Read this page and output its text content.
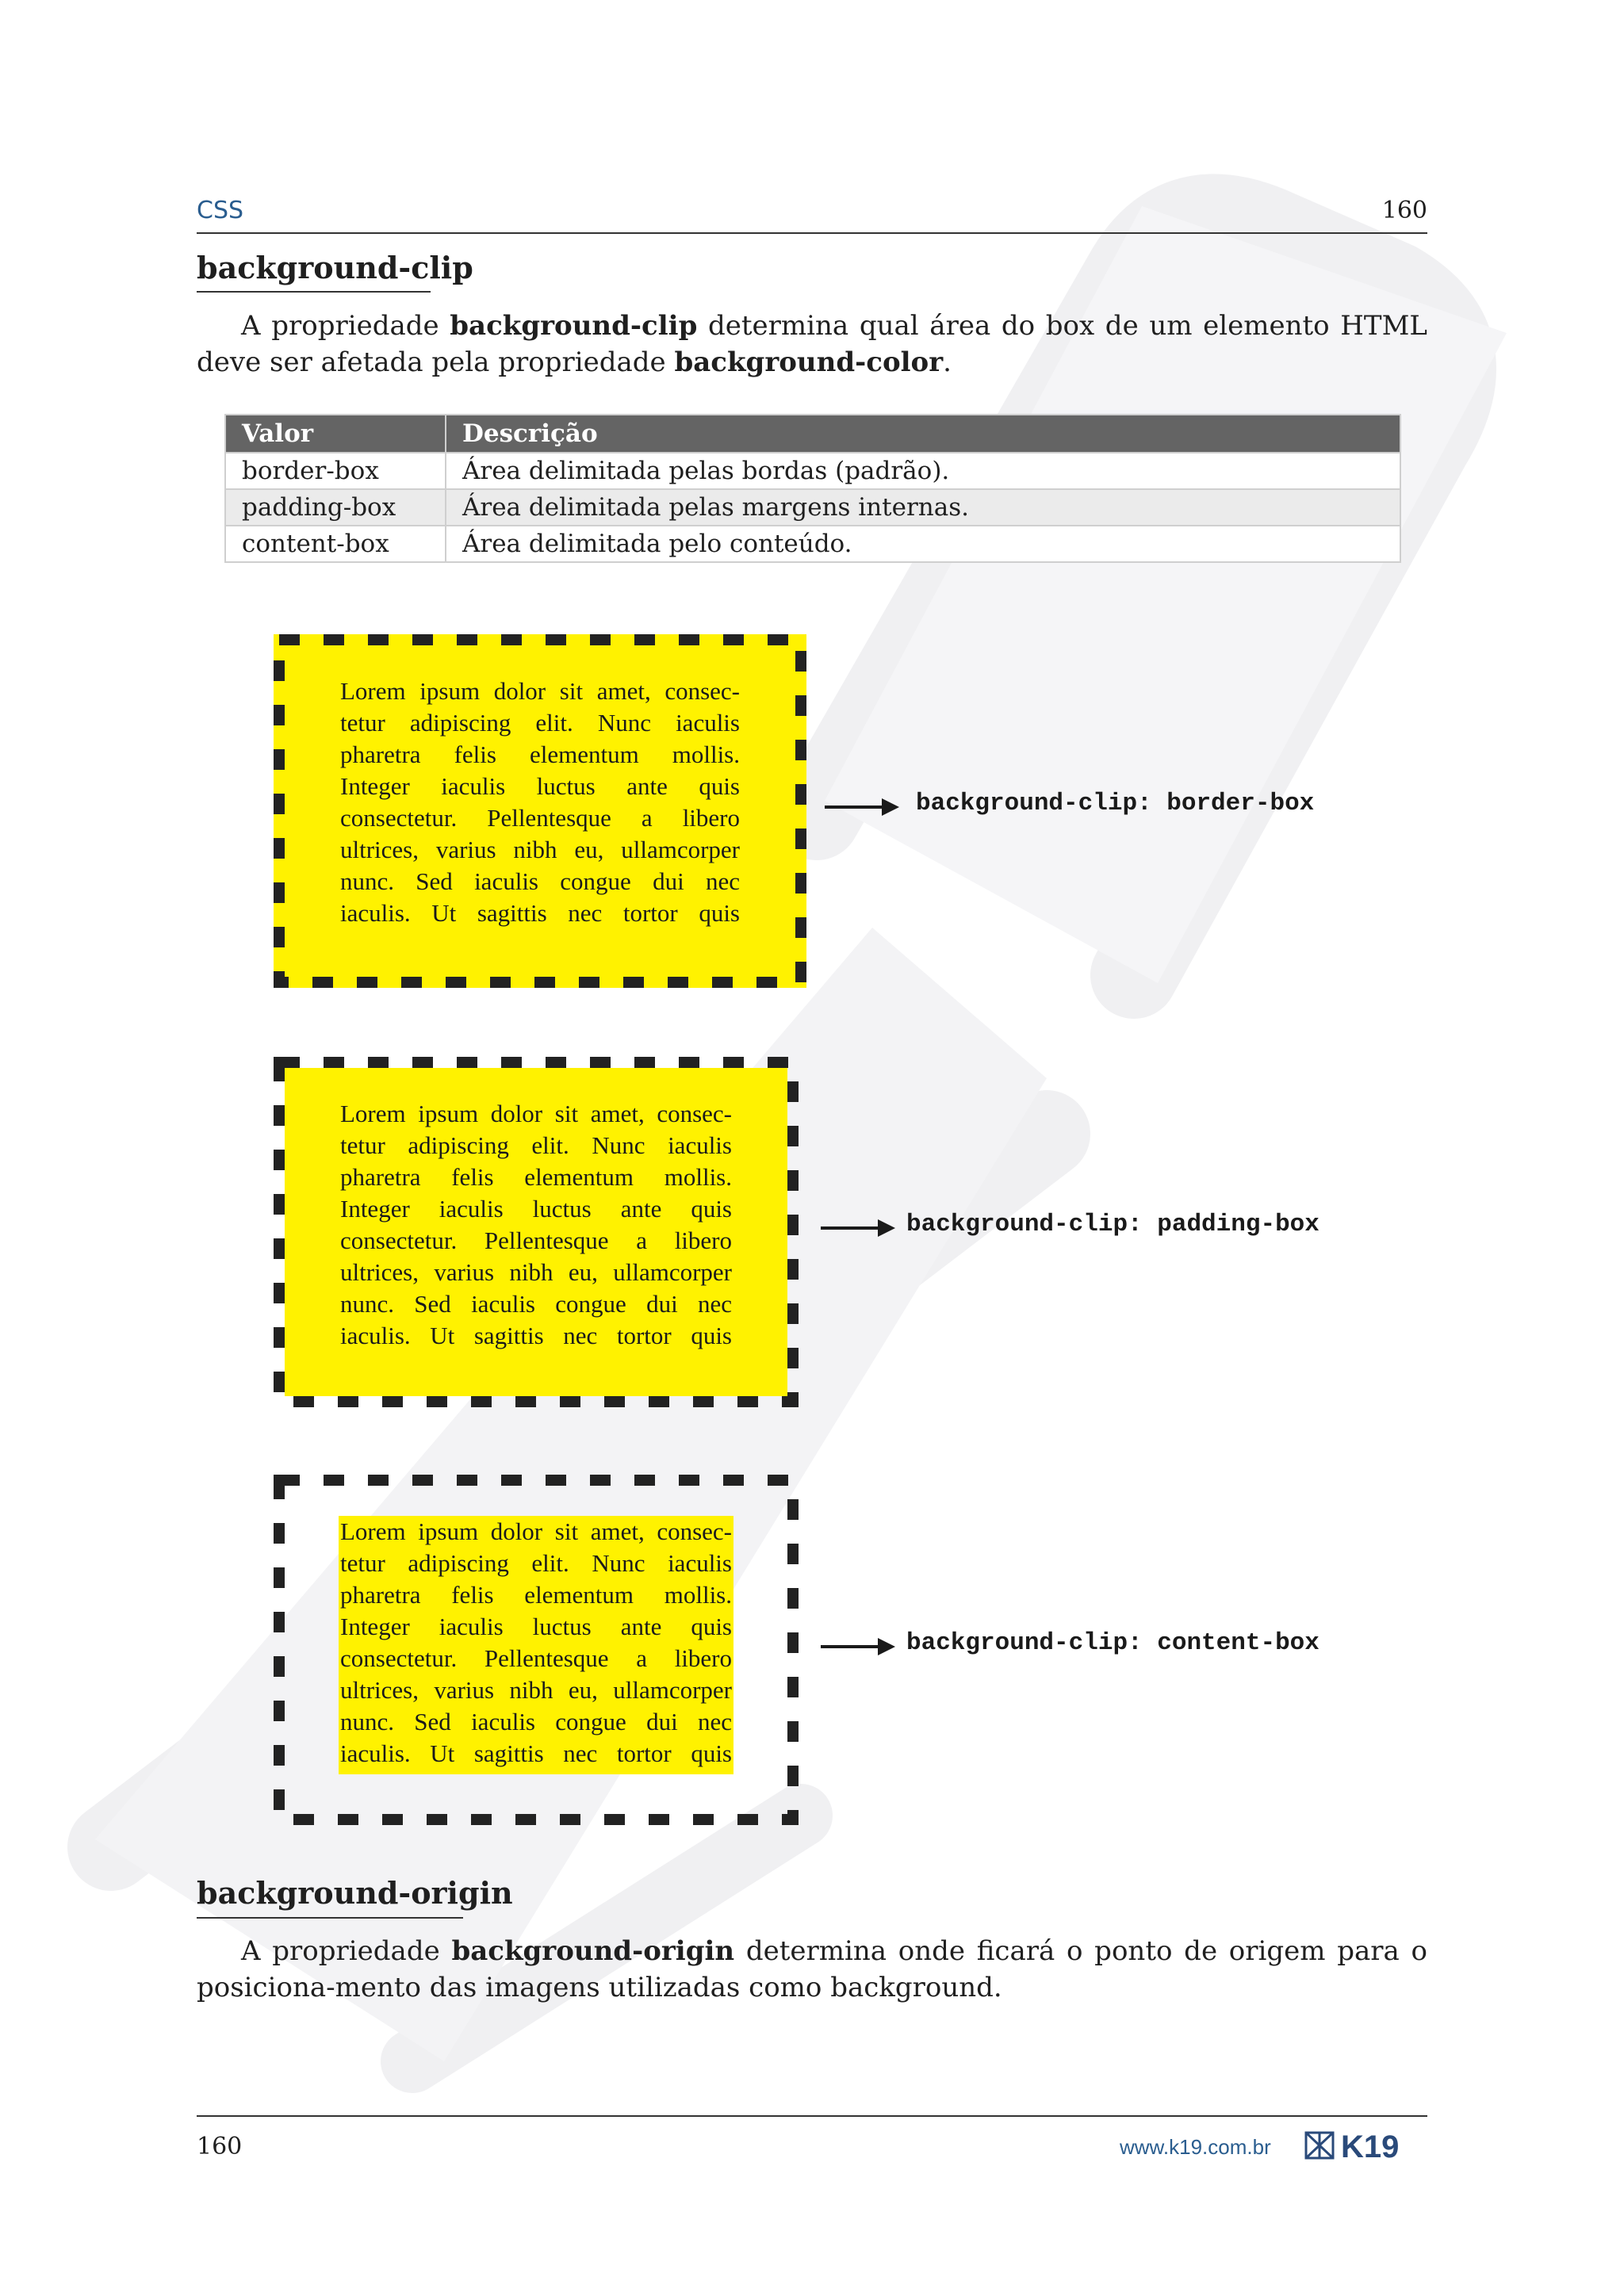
CSS	160
background-clip
A propriedade background-clip determina qual área do box de um elemento HTML deve ser afetada pela propriedade background-color.
Valor	Descrição
border-box	Área delimitada pelas bordas (padrão).
padding-box	Área delimitada pelas margens internas.
content-box	Área delimitada pelo conteúdo.
Lorem ipsum dolor sit amet, consec-
tetur adipiscing elit. Nunc iaculis
pharetra felis elementum mollis.
Integer iaculis luctus ante quis
consectetur. Pellentesque a libero
ultrices, varius nibh eu, ullamcorper
nunc. Sed iaculis congue dui nec
iaculis. Ut sagittis nec tortor quis
background-clip: border-box
Lorem ipsum dolor sit amet, consec-
tetur adipiscing elit. Nunc iaculis
pharetra felis elementum mollis.
Integer iaculis luctus ante quis
consectetur. Pellentesque a libero
ultrices, varius nibh eu, ullamcorper
nunc. Sed iaculis congue dui nec
iaculis. Ut sagittis nec tortor quis
background-clip: padding-box
Lorem ipsum dolor sit amet, consec-
tetur adipiscing elit. Nunc iaculis
pharetra felis elementum mollis.
Integer iaculis luctus ante quis
consectetur. Pellentesque a libero
ultrices, varius nibh eu, ullamcorper
nunc. Sed iaculis congue dui nec
iaculis. Ut sagittis nec tortor quis
background-clip: content-box
background-origin
A propriedade background-origin determina onde ficará o ponto de origem para o posiciona-mento das imagens utilizadas como background.
160	www.k19.com.br K19
